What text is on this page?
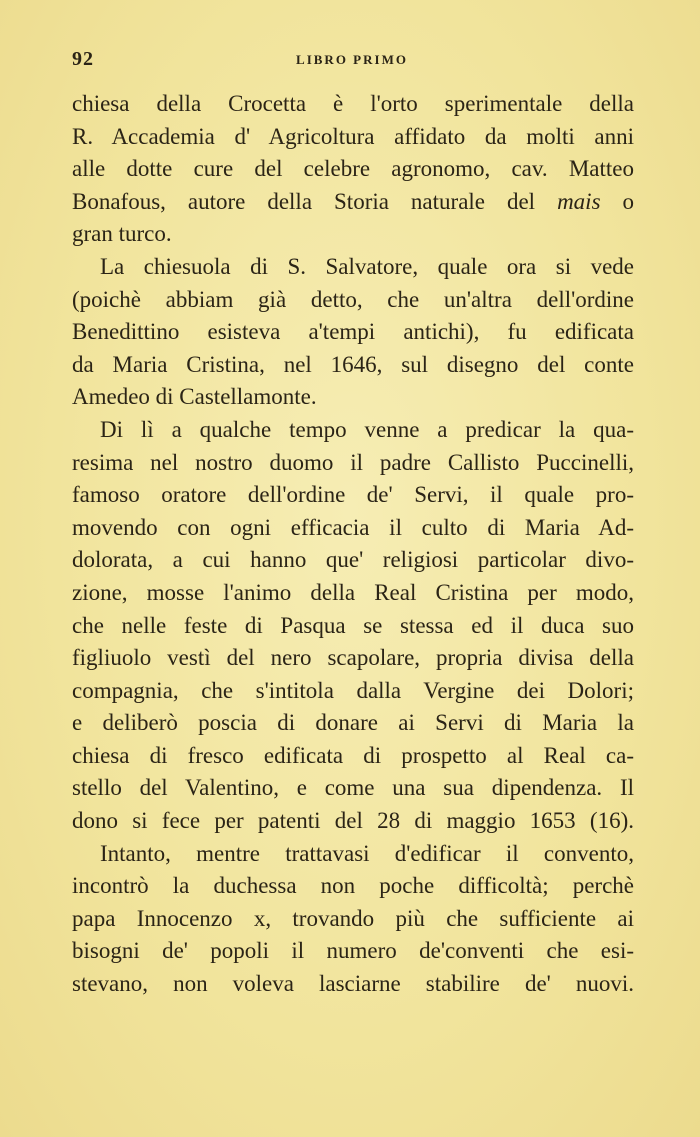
92	LIBRO PRIMO
chiesa della Crocetta è l'orto sperimentale della
R. Accademia d' Agricoltura affidato da molti anni
alle dotte cure del celebre agronomo, cav. Matteo
Bonafous, autore della Storia naturale del mais o
gran turco.
La chiesuola di S. Salvatore, quale ora si vede
(poichè abbiam già detto, che un'altra dell'ordine
Benedittino esisteva a'tempi antichi), fu edificata
da Maria Cristina, nel 1646, sul disegno del conte
Amedeo di Castellamonte.
Di lì a qualche tempo venne a predicar la qua-
resima nel nostro duomo il padre Callisto Puccinelli,
famoso oratore dell'ordine de' Servi, il quale pro-
movendo con ogni efficacia il culto di Maria Ad-
dolorata, a cui hanno que' religiosi particolar divo-
zione, mosse l'animo della Real Cristina per modo,
che nelle feste di Pasqua se stessa ed il duca suo
figliuolo vestì del nero scapolare, propria divisa della
compagnia, che s'intitola dalla Vergine dei Dolori;
e deliberò poscia di donare ai Servi di Maria la
chiesa di fresco edificata di prospetto al Real ca-
stello del Valentino, e come una sua dipendenza. Il
dono si fece per patenti del 28 di maggio 1653 (16).
Intanto, mentre trattavasi d'edificar il convento,
incontrò la duchessa non poche difficoltà; perchè
papa Innocenzo x, trovando più che sufficiente ai
bisogni de' popoli il numero de'conventi che esi-
stevano, non voleva lasciarne stabilire de' nuovi.
